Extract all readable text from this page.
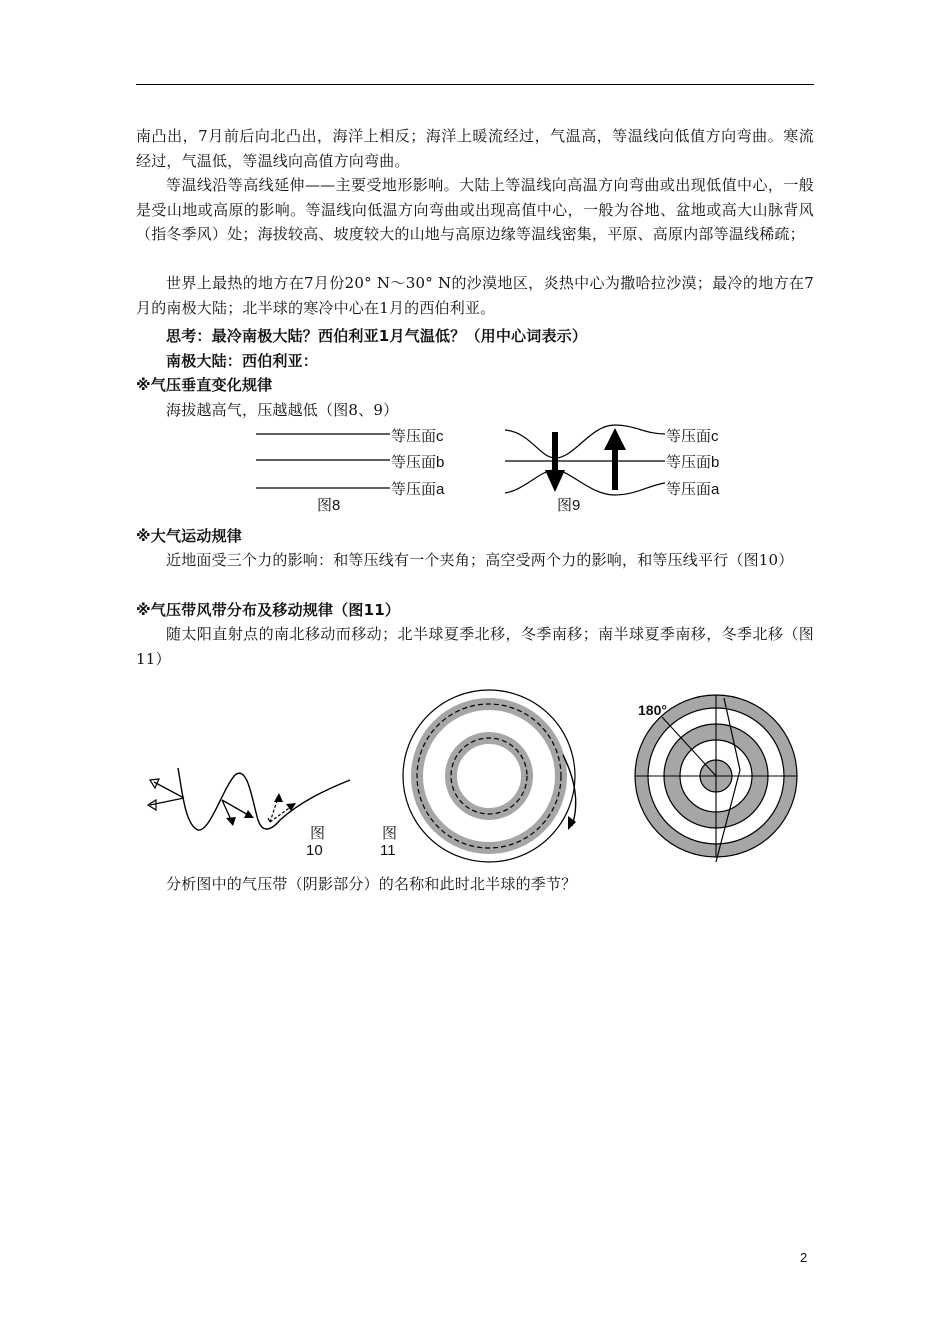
南凸出，7月前后向北凸出，海洋上相反；海洋上暖流经过，气温高，等温线向低值方向弯曲。寒流经过，气温低，等温线向高值方向弯曲。
等温线沿等高线延伸——主要受地形影响。大陆上等温线向高温方向弯曲或出现低值中心，一般是受山地或高原的影响。等温线向低温方向弯曲或出现高值中心，一般为谷地、盆地或高大山脉背风（指冬季风）处；海拔较高、坡度较大的山地与高原边缘等温线密集，平原、高原内部等温线稀疏；
世界上最热的地方在7月份20° N～30° N的沙漠地区，炎热中心为撒哈拉沙漠；最冷的地方在7月的南极大陆；北半球的寒冷中心在1月的西伯利亚。
思考：最冷南极大陆？西伯利亚1月气温低？（用中心词表示）
南极大陆：西伯利亚：
※气压垂直变化规律
海拔越高气，压越越低（图8、9）
等压面c
等压面b
等压面a
图8
等压面c
等压面b
等压面a
图9
※大气运动规律
近地面受三个力的影响：和等压线有一个夹角；高空受两个力的影响，和等压线平行（图10）
※气压带风带分布及移动规律（图11）
随太阳直射点的南北移动而移动；北半球夏季北移，冬季南移；南半球夏季南移，冬季北移（图11）
图
10
图
11
180°
分析图中的气压带（阴影部分）的名称和此时北半球的季节？
2
